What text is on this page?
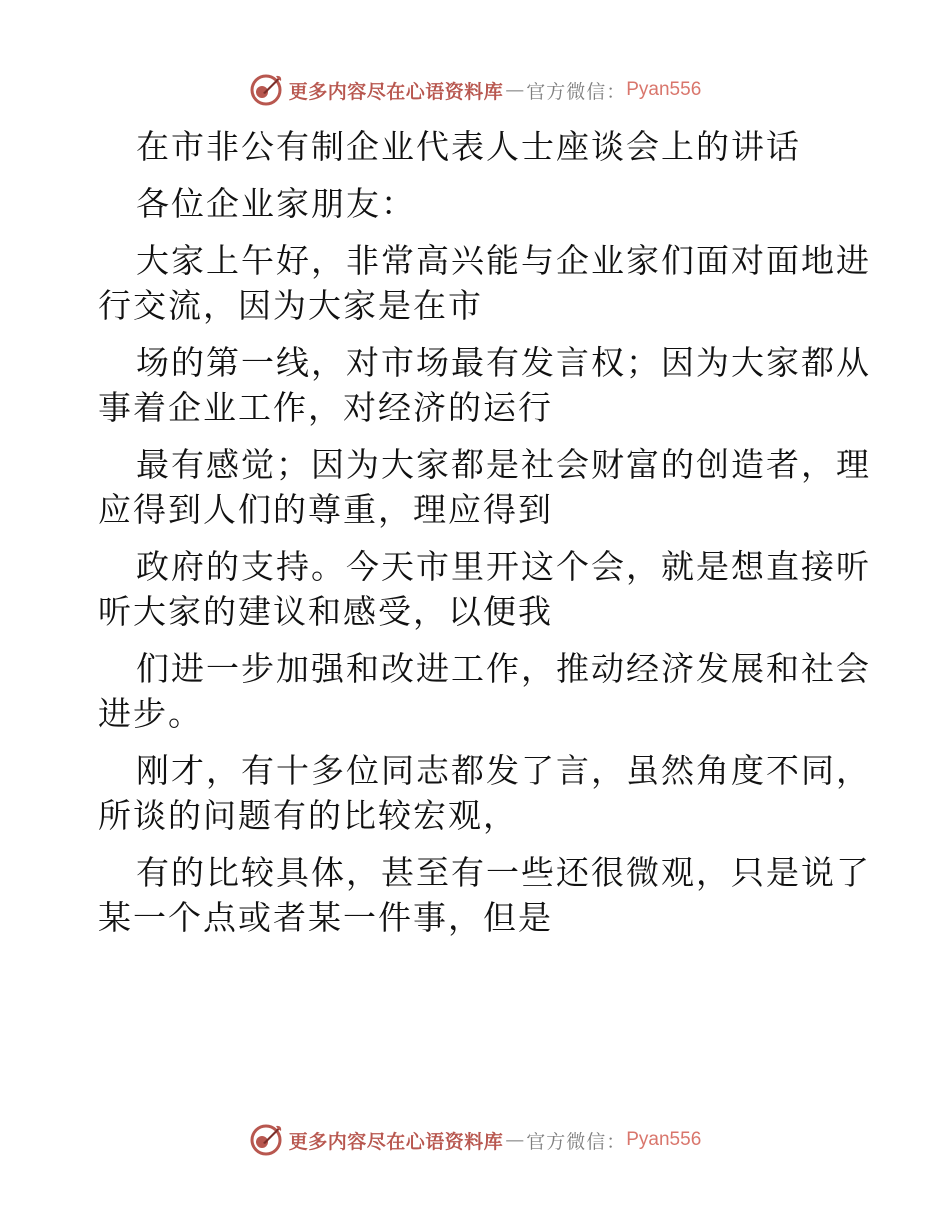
更多内容尽在心语资料库 — 官方微信： Pyan556
在市非公有制企业代表人士座谈会上的讲话
各位企业家朋友：
大家上午好，非常高兴能与企业家们面对面地进
行交流，因为大家是在市
场的第一线，对市场最有发言权；因为大家都从
事着企业工作，对经济的运行
最有感觉；因为大家都是社会财富的创造者，理
应得到人们的尊重，理应得到
政府的支持。今天市里开这个会，就是想直接听
听大家的建议和感受，以便我
们进一步加强和改进工作，推动经济发展和社会
进步。
刚才，有十多位同志都发了言，虽然角度不同，
所谈的问题有的比较宏观，
有的比较具体，甚至有一些还很微观，只是说了
某一个点或者某一件事，但是
更多内容尽在心语资料库 — 官方微信： Pyan556
